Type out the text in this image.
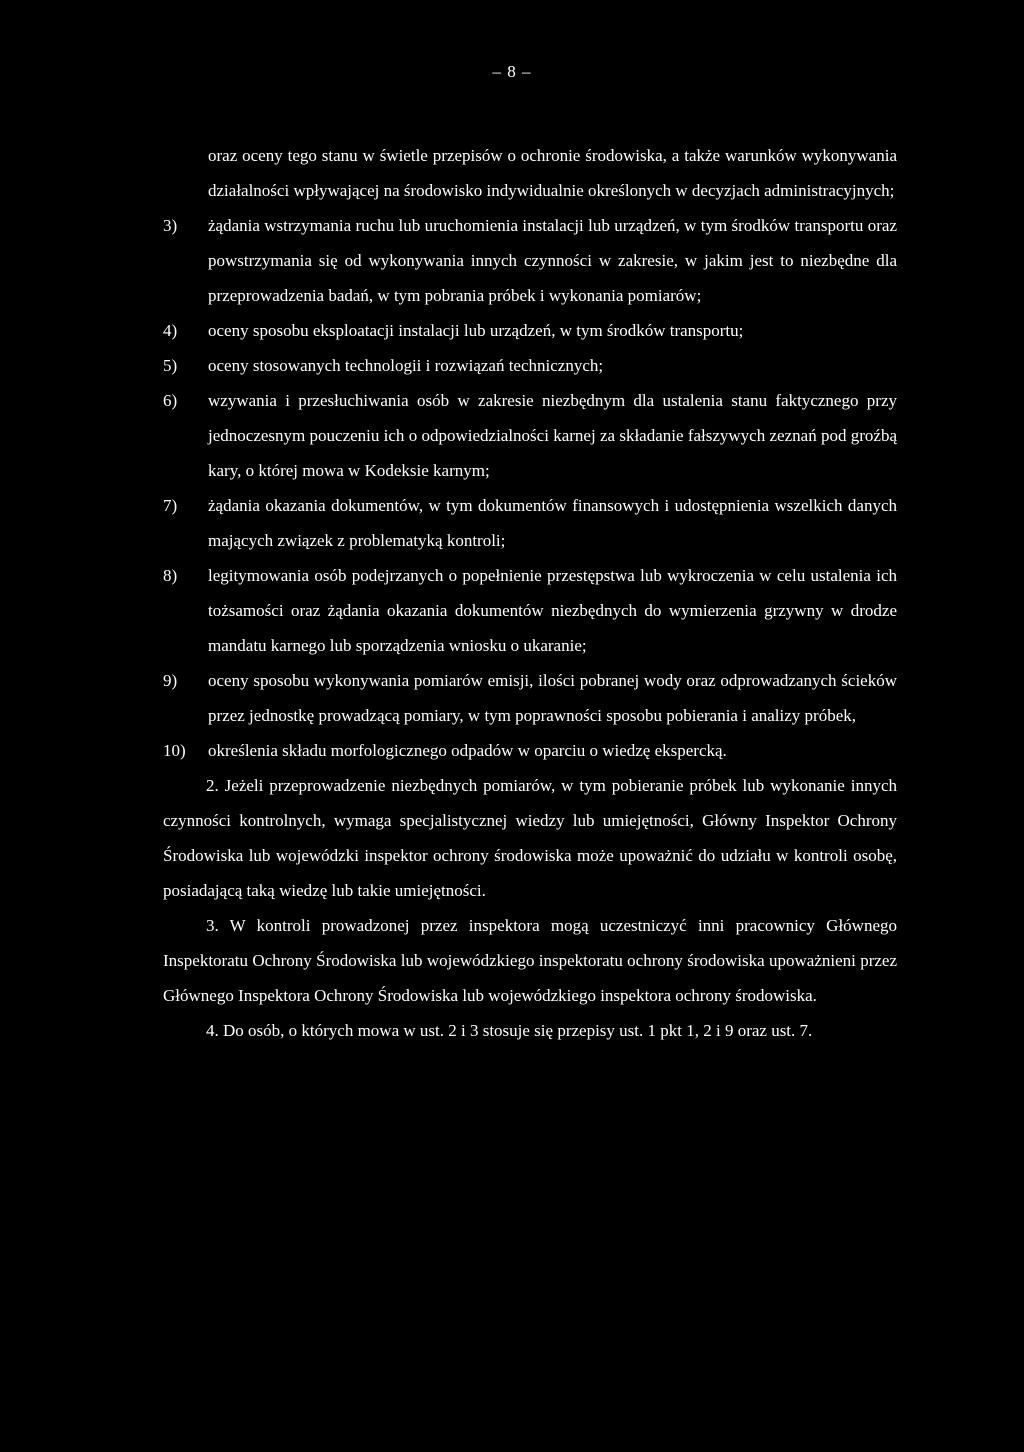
– 8 –
oraz oceny tego stanu w świetle przepisów o ochronie środowiska, a także warunków wykonywania działalności wpływającej na środowisko indywidualnie określonych w decyzjach administracyjnych;
3) żądania wstrzymania ruchu lub uruchomienia instalacji lub urządzeń, w tym środków transportu oraz powstrzymania się od wykonywania innych czynności w zakresie, w jakim jest to niezbędne dla przeprowadzenia badań, w tym pobrania próbek i wykonania pomiarów;
4) oceny sposobu eksploatacji instalacji lub urządzeń, w tym środków transportu;
5) oceny stosowanych technologii i rozwiązań technicznych;
6) wzywania i przesłuchiwania osób w zakresie niezbędnym dla ustalenia stanu faktycznego przy jednoczesnym pouczeniu ich o odpowiedzialności karnej za składanie fałszywych zeznań pod groźbą kary, o której mowa w Kodeksie karnym;
7) żądania okazania dokumentów, w tym dokumentów finansowych i udostępnienia wszelkich danych mających związek z problematyką kontroli;
8) legitymowania osób podejrzanych o popełnienie przestępstwa lub wykroczenia w celu ustalenia ich tożsamości oraz żądania okazania dokumentów niezbędnych do wymierzenia grzywny w drodze mandatu karnego lub sporządzenia wniosku o ukaranie;
9) oceny sposobu wykonywania pomiarów emisji, ilości pobranej wody oraz odprowadzanych ścieków przez jednostkę prowadzącą pomiary, w tym poprawności sposobu pobierania i analizy próbek,
10) określenia składu morfologicznego odpadów w oparciu o wiedzę ekspercką.
2. Jeżeli przeprowadzenie niezbędnych pomiarów, w tym pobieranie próbek lub wykonanie innych czynności kontrolnych, wymaga specjalistycznej wiedzy lub umiejętności, Główny Inspektor Ochrony Środowiska lub wojewódzki inspektor ochrony środowiska może upoważnić do udziału w kontroli osobę, posiadającą taką wiedzę lub takie umiejętności.
3. W kontroli prowadzonej przez inspektora mogą uczestniczyć inni pracownicy Głównego Inspektoratu Ochrony Środowiska lub wojewódzkiego inspektoratu ochrony środowiska upoważnieni przez Głównego Inspektora Ochrony Środowiska lub wojewódzkiego inspektora ochrony środowiska.
4. Do osób, o których mowa w ust. 2 i 3 stosuje się przepisy ust. 1 pkt 1, 2 i 9 oraz ust. 7.
